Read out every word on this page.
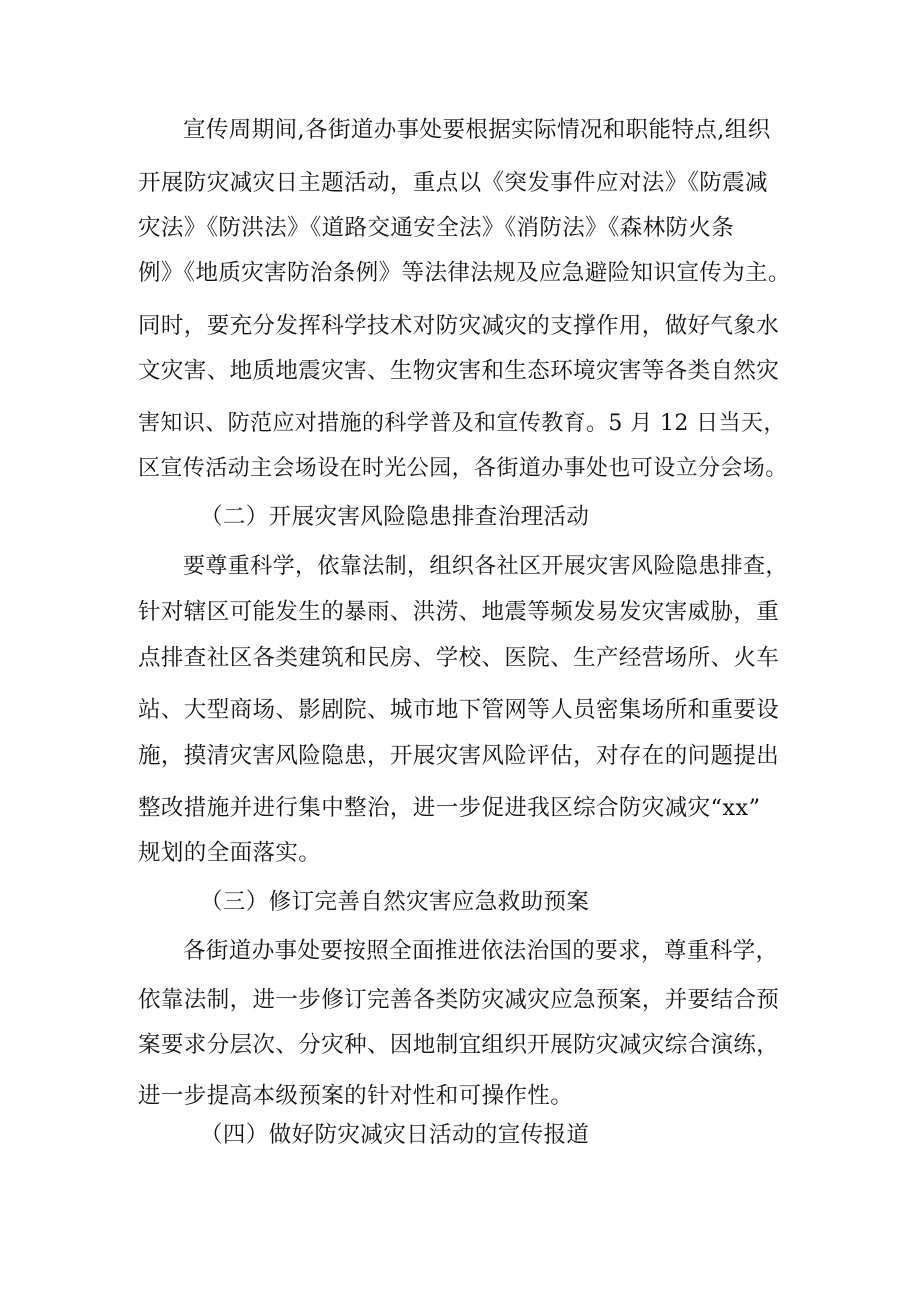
宣传周期间,各街道办事处要根据实际情况和职能特点,组织
开展防灾减灾日主题活动，重点以《突发事件应对法》《防震减
灾法》《防洪法》《道路交通安全法》《消防法》《森林防火条
例》《地质灾害防治条例》等法律法规及应急避险知识宣传为主。
同时，要充分发挥科学技术对防灾减灾的支撑作用，做好气象水
文灾害、地质地震灾害、生物灾害和生态环境灾害等各类自然灾
害知识、防范应对措施的科学普及和宣传教育。5 月 12 日当天，
区宣传活动主会场设在时光公园，各街道办事处也可设立分会场。
（二）开展灾害风险隐患排查治理活动
要尊重科学，依靠法制，组织各社区开展灾害风险隐患排查，
针对辖区可能发生的暴雨、洪涝、地震等频发易发灾害威胁，重
点排查社区各类建筑和民房、学校、医院、生产经营场所、火车
站、大型商场、影剧院、城市地下管网等人员密集场所和重要设
施，摸清灾害风险隐患，开展灾害风险评估，对存在的问题提出
整改措施并进行集中整治，进一步促进我区综合防灾减灾“xx”
规划的全面落实。
（三）修订完善自然灾害应急救助预案
各街道办事处要按照全面推进依法治国的要求，尊重科学，
依靠法制，进一步修订完善各类防灾减灾应急预案，并要结合预
案要求分层次、分灾种、因地制宜组织开展防灾减灾综合演练，
进一步提高本级预案的针对性和可操作性。
（四）做好防灾减灾日活动的宣传报道
